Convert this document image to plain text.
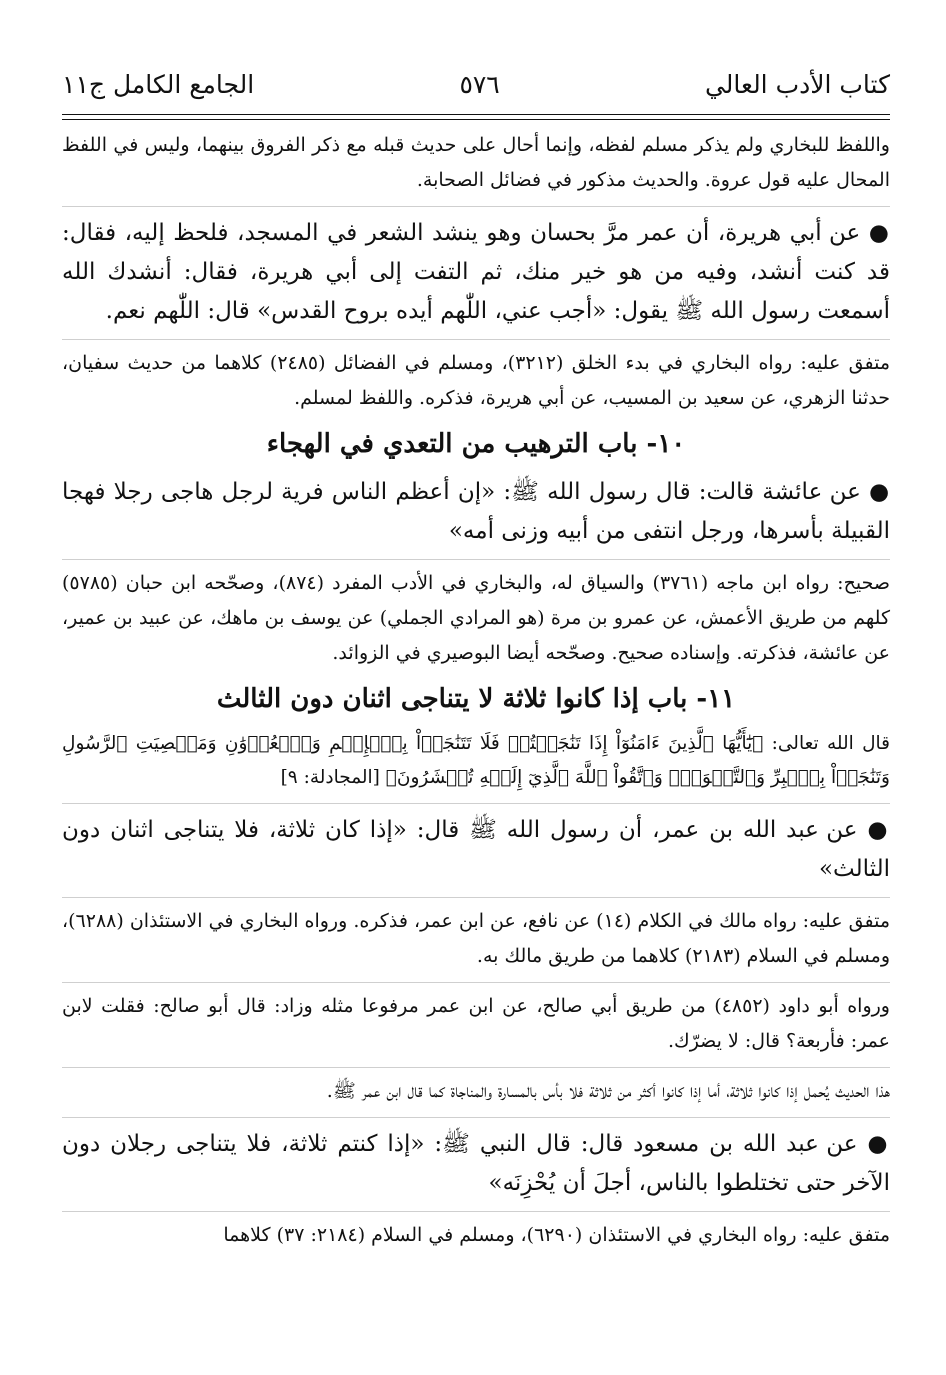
كتاب الأدب العالي
٥٧٦
الجامع الكامل ج١١

واللفظ للبخاري ولم يذكر مسلم لفظه، وإنما أحال على حديث قبله مع ذكر الفروق بينهما، وليس في اللفظ المحال عليه قول عروة. والحديث مذكور في فضائل الصحابة.

● عن أبي هريرة، أن عمر مرَّ بحسان وهو ينشد الشعر في المسجد، فلحظ إليه، فقال: قد كنت أنشد، وفيه من هو خير منك، ثم التفت إلى أبي هريرة، فقال: أنشدك الله أسمعت رسول الله ﷺ يقول: «أجب عني، اللّٰهم أيده بروح القدس» قال: اللّٰهم نعم.

متفق عليه: رواه البخاري في بدء الخلق (٣٢١٢)، ومسلم في الفضائل (٢٤٨٥) كلاهما من حديث سفيان، حدثنا الزهري، عن سعيد بن المسيب، عن أبي هريرة، فذكره. واللفظ لمسلم.

١٠- باب الترهيب من التعدي في الهجاء

● عن عائشة قالت: قال رسول الله ﷺ: «إن أعظم الناس فرية لرجل هاجى رجلا فهجا القبيلة بأسرها، ورجل انتفى من أبيه وزنى أمه»

صحيح: رواه ابن ماجه (٣٧٦١) والسياق له، والبخاري في الأدب المفرد (٨٧٤)، وصحّحه ابن حبان (٥٧٨٥) كلهم من طريق الأعمش، عن عمرو بن مرة (هو المرادي الجملي) عن يوسف بن ماهك، عن عبيد بن عمير، عن عائشة، فذكرته. وإسناده صحيح. وصحّحه أيضا البوصيري في الزوائد.

١١- باب إذا كانوا ثلاثة لا يتناجى اثنان دون الثالث

قال الله تعالى: ﴿يَٰٓأَيُّهَا ٱلَّذِينَ ءَامَنُوٓاْ إِذَا تَنَٰجَيۡتُمۡ فَلَا تَتَنَٰجَوۡاْ بِٱلۡإِثۡمِ وَٱلۡعُدۡوَٰنِ وَمَعۡصِيَتِ ٱلرَّسُولِ وَتَنَٰجَوۡاْ بِٱلۡبِرِّ وَٱلتَّقۡوَىٰۖ وَٱتَّقُواْ ٱللَّهَ ٱلَّذِيٓ إِلَيۡهِ تُحۡشَرُونَ﴾ [المجادلة: ٩]

● عن عبد الله بن عمر، أن رسول الله ﷺ قال: «إذا كان ثلاثة، فلا يتناجى اثنان دون الثالث»

متفق عليه: رواه مالك في الكلام (١٤) عن نافع، عن ابن عمر، فذكره. ورواه البخاري في الاستئذان (٦٢٨٨)، ومسلم في السلام (٢١٨٣) كلاهما من طريق مالك به.

ورواه أبو داود (٤٨٥٢) من طريق أبي صالح، عن ابن عمر مرفوعا مثله وزاد: قال أبو صالح: فقلت لابن عمر: فأربعة؟ قال: لا يضرّك.

هذا الحديث يُحمل إذا كانوا ثلاثة، أما إذا كانوا أكثر من ثلاثة فلا بأس بالمسارة والمناجاة كما قال ابن عمر ﷺ.

● عن عبد الله بن مسعود قال: قال النبي ﷺ: «إذا كنتم ثلاثة، فلا يتناجى رجلان دون الآخر حتى تختلطوا بالناس، أجلَ أن يُحْزِنَه»

متفق عليه: رواه البخاري في الاستئذان (٦٢٩٠)، ومسلم في السلام (٢١٨٤: ٣٧) كلاهما
